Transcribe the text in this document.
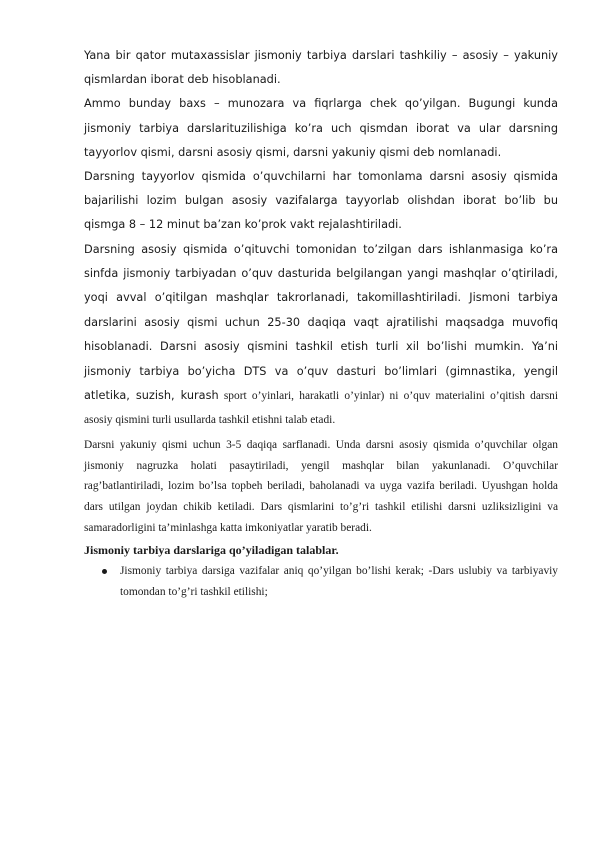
Yana bir qator mutaxassislar jismoniy tarbiya darslari tashkiliy – asosiy – yakuniy qismlardan iborat deb hisoblanadi.

Ammo bunday baxs – munozara va fiqrlarga chek qo’yilgan. Bugungi kunda jismoniy tarbiya darslarituzilishiga ko’ra uch qismdan iborat va ular darsning tayyorlov qismi, darsni asosiy qismi, darsni yakuniy qismi deb nomlanadi.

Darsning tayyorlov qismida o’quvchilarni har tomonlama darsni asosiy qismida bajarilishi lozim bulgan asosiy vazifalarga tayyorlab olishdan iborat bo’lib bu qismga 8 – 12 minut ba’zan ko’prok vakt rejalashtiriladi.

Darsning asosiy qismida o’qituvchi tomonidan to’zilgan dars ishlanmasiga ko’ra sinfda jismoniy tarbiyadan o’quv dasturida belgilangan yangi mashqlar o’qtiriladi, yoqi avval o’qitilgan mashqlar takrorlanadi, takomillashtiriladi. Jismoni tarbiya darslarini asosiy qismi uchun 25-30 daqiqa vaqt ajratilishi maqsadga muvofiq hisoblanadi. Darsni asosiy qismini tashkil etish turli xil bo’lishi mumkin. Ya’ni jismoniy tarbiya bo’yicha DTS va o’quv dasturi bo’limlari (gimnastika, yengil atletika, suzish, kurash sport o’yinlari, harakatli o’yinlar) ni o’quv materialini o’qitish darsni asosiy qismini turli usullarda tashkil etishni talab etadi.

Darsni yakuniy qismi uchun 3-5 daqiqa sarflanadi. Unda darsni asosiy qismida o’quvchilar olgan jismoniy nagruzka holati pasaytiriladi, yengil mashqlar bilan yakunlanadi. O’quvchilar rag’batlantiriladi, lozim bo’lsa topbeh beriladi, baholanadi va uyga vazifa beriladi. Uyushgan holda dars utilgan joydan chikib ketiladi. Dars qismlarini to’g’ri tashkil etilishi darsni uzliksizligini va samaradorligini ta’minlashga katta imkoniyatlar yaratib beradi.

Jismoniy tarbiya darslariga qo’yiladigan talablar.

Jismoniy tarbiya darsiga vazifalar aniq qo’yilgan bo’lishi kerak; -Dars uslubiy va tarbiyaviy tomondan to’g’ri tashkil etilishi;
